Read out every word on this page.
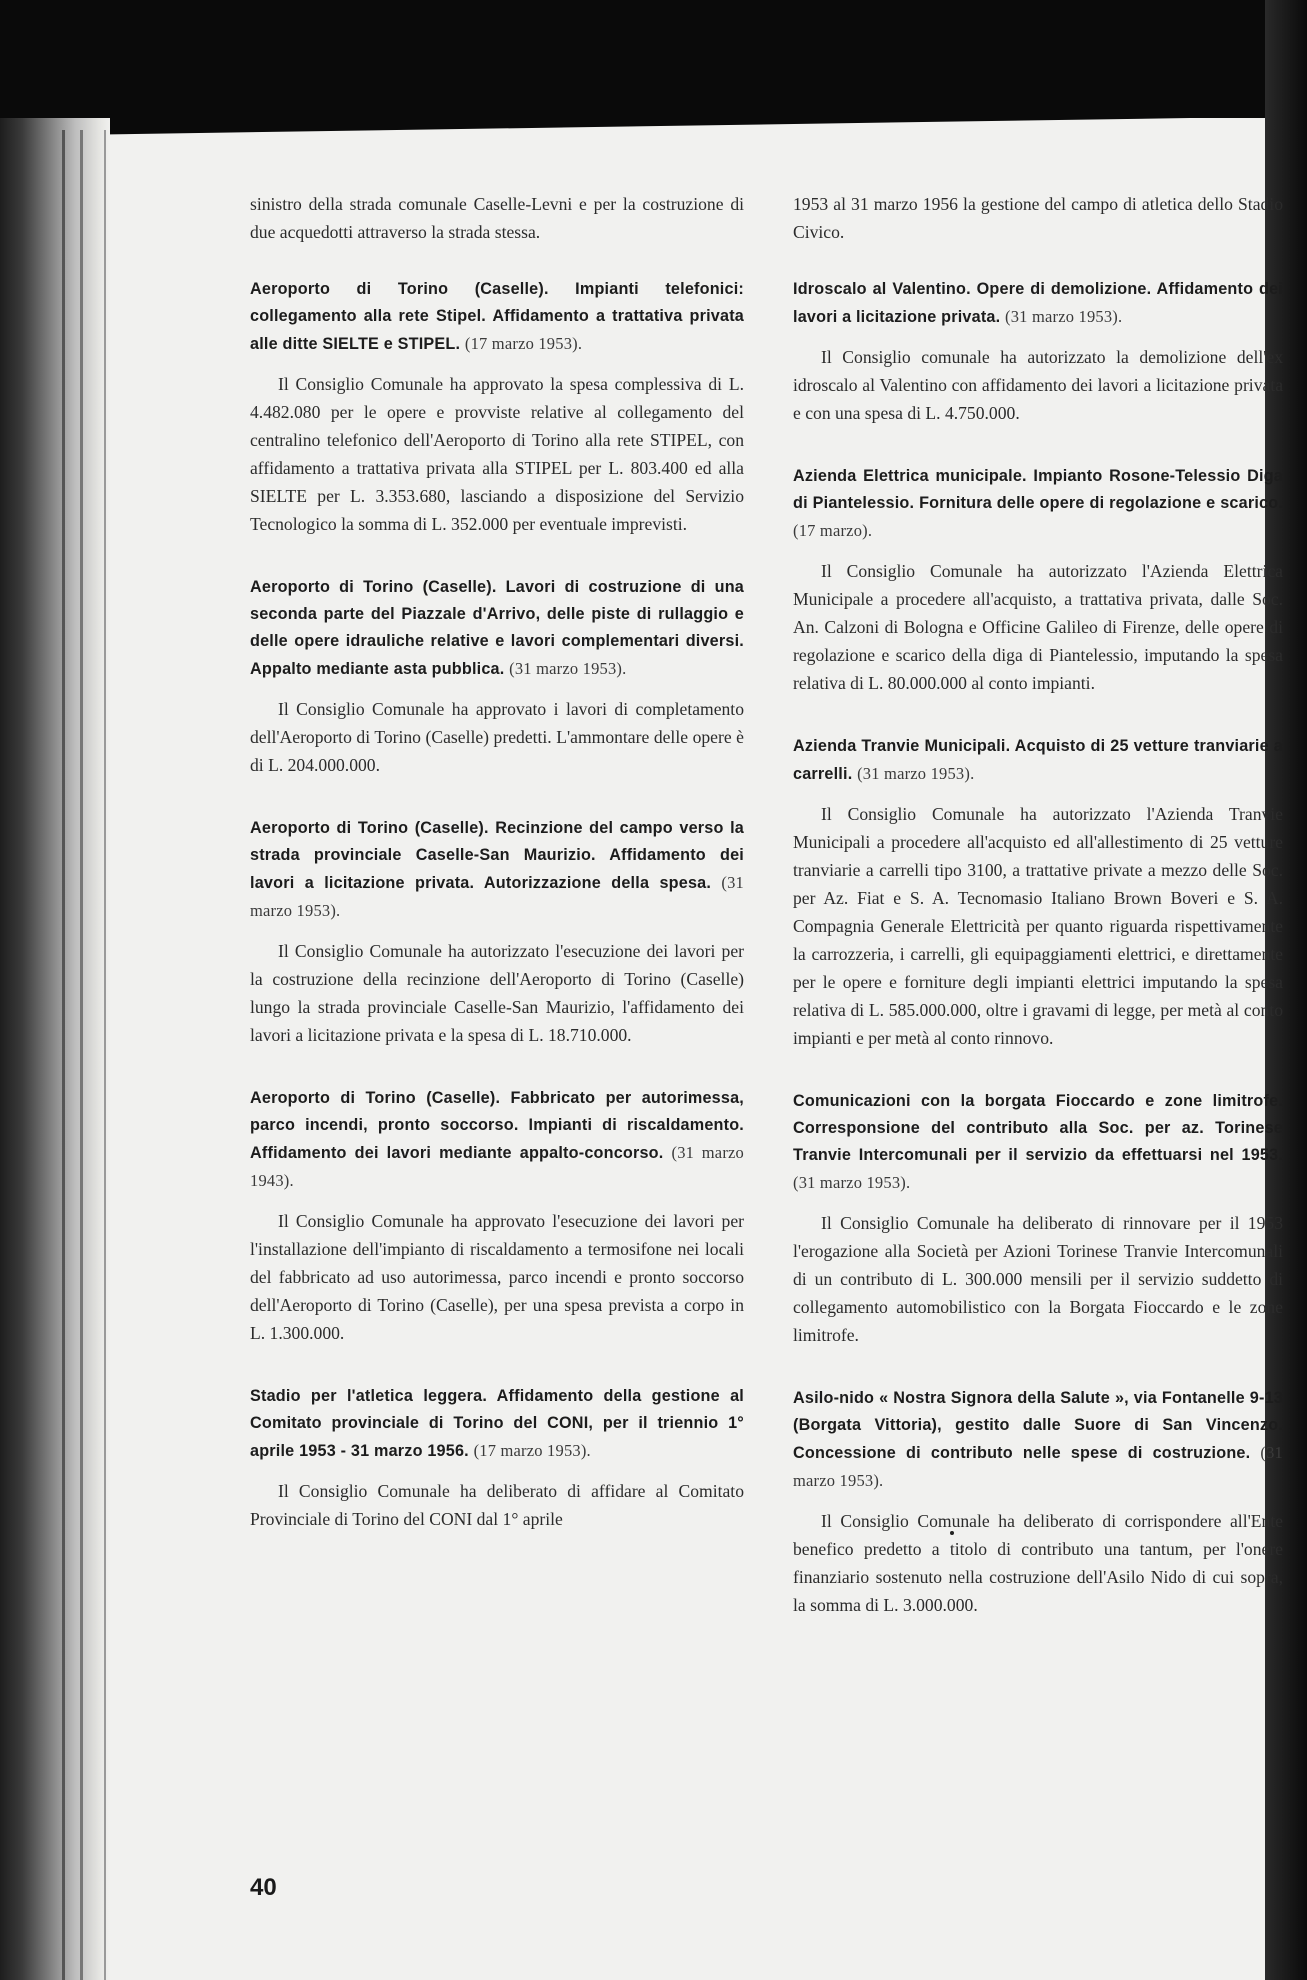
sinistro della strada comunale Caselle-Levni e per la costruzione di due acquedotti attraverso la strada stessa.

Aeroporto di Torino (Caselle). Impianti telefonici: collegamento alla rete Stipel. Affidamento a trattativa privata alle ditte SIELTE e STIPEL. (17 marzo 1953).

Il Consiglio Comunale ha approvato la spesa complessiva di L. 4.482.080 per le opere e provviste relative al collegamento del centralino telefonico dell'Aeroporto di Torino alla rete STIPEL, con affidamento a trattativa privata alla STIPEL per L. 803.400 ed alla SIELTE per L. 3.353.680, lasciando a disposizione del Servizio Tecnologico la somma di L. 352.000 per eventuale imprevisti.

Aeroporto di Torino (Caselle). Lavori di costruzione di una seconda parte del Piazzale d'Arrivo, delle piste di rullaggio e delle opere idrauliche relative e lavori complementari diversi. Appalto mediante asta pubblica. (31 marzo 1953).

Il Consiglio Comunale ha approvato i lavori di completamento dell'Aeroporto di Torino (Caselle) predetti. L'ammontare delle opere è di L. 204.000.000.

Aeroporto di Torino (Caselle). Recinzione del campo verso la strada provinciale Caselle-San Maurizio. Affidamento dei lavori a licitazione privata. Autorizzazione della spesa. (31 marzo 1953).

Il Consiglio Comunale ha autorizzato l'esecuzione dei lavori per la costruzione della recinzione dell'Aeroporto di Torino (Caselle) lungo la strada provinciale Caselle-San Maurizio, l'affidamento dei lavori a licitazione privata e la spesa di L. 18.710.000.

Aeroporto di Torino (Caselle). Fabbricato per autorimessa, parco incendi, pronto soccorso. Impianti di riscaldamento. Affidamento dei lavori mediante appalto-concorso. (31 marzo 1943).

Il Consiglio Comunale ha approvato l'esecuzione dei lavori per l'installazione dell'impianto di riscaldamento a termosifone nei locali del fabbricato ad uso autorimessa, parco incendi e pronto soccorso dell'Aeroporto di Torino (Caselle), per una spesa prevista a corpo in L. 1.300.000.

Stadio per l'atletica leggera. Affidamento della gestione al Comitato provinciale di Torino del CONI, per il triennio 1° aprile 1953 - 31 marzo 1956. (17 marzo 1953).

Il Consiglio Comunale ha deliberato di affidare al Comitato Provinciale di Torino del CONI dal 1° aprile

1953 al 31 marzo 1956 la gestione del campo di atletica dello Stadio Civico.

Idroscalo al Valentino. Opere di demolizione. Affidamento dei lavori a licitazione privata. (31 marzo 1953).

Il Consiglio comunale ha autorizzato la demolizione dell'ex idroscalo al Valentino con affidamento dei lavori a licitazione privata e con una spesa di L. 4.750.000.

Azienda Elettrica municipale. Impianto Rosone-Telessio Diga di Piantelessio. Fornitura delle opere di regolazione e scarico. (17 marzo).

Il Consiglio Comunale ha autorizzato l'Azienda Elettrica Municipale a procedere all'acquisto, a trattativa privata, dalle Soc. An. Calzoni di Bologna e Officine Galileo di Firenze, delle opere di regolazione e scarico della diga di Piantelessio, imputando la spesa relativa di L. 80.000.000 al conto impianti.

Azienda Tranvie Municipali. Acquisto di 25 vetture tranviarie a carrelli. (31 marzo 1953).

Il Consiglio Comunale ha autorizzato l'Azienda Tranvie Municipali a procedere all'acquisto ed all'allestimento di 25 vetture tranviarie a carrelli tipo 3100, a trattative private a mezzo delle Soc. per Az. Fiat e S. A. Tecnomasio Italiano Brown Boveri e S. A. Compagnia Generale Elettricità per quanto riguarda rispettivamente la carrozzeria, i carrelli, gli equipaggiamenti elettrici, e direttamente per le opere e forniture degli impianti elettrici imputando la spesa relativa di L. 585.000.000, oltre i gravami di legge, per metà al conto impianti e per metà al conto rinnovo.

Comunicazioni con la borgata Fioccardo e zone limitrofe. Corresponsione del contributo alla Soc. per az. Torinese Tranvie Intercomunali per il servizio da effettuarsi nel 1953. (31 marzo 1953).

Il Consiglio Comunale ha deliberato di rinnovare per il 1953 l'erogazione alla Società per Azioni Torinese Tranvie Intercomunali di un contributo di L. 300.000 mensili per il servizio suddetto di collegamento automobilistico con la Borgata Fioccardo e le zone limitrofe.

Asilo-nido « Nostra Signora della Salute », via Fontanelle 9-13 (Borgata Vittoria), gestito dalle Suore di San Vincenzo. Concessione di contributo nelle spese di costruzione. (31 marzo 1953).

Il Consiglio Comunale ha deliberato di corrispondere all'Ente benefico predetto a titolo di contributo una tantum, per l'onere finanziario sostenuto nella costruzione dell'Asilo Nido di cui sopra, la somma di L. 3.000.000.

40
